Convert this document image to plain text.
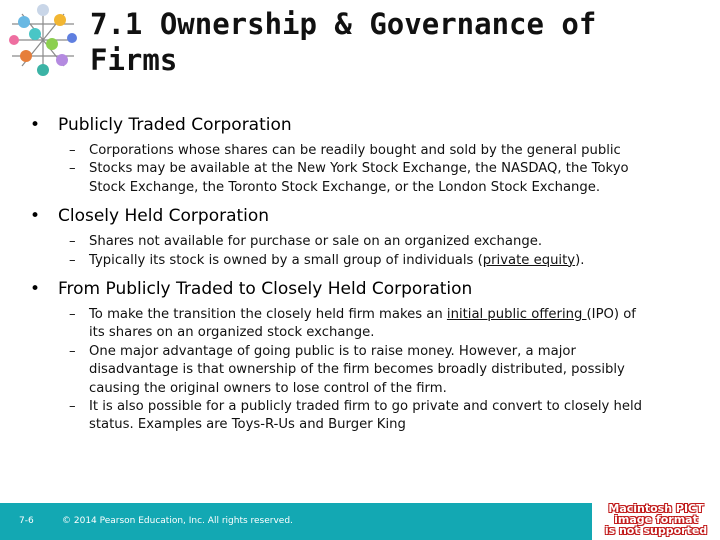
7.1 Ownership & Governance of
Firms
• Publicly Traded Corporation
– Corporations whose shares can be readily bought and sold by the general public
– Stocks may be available at the New York Stock Exchange, the NASDAQ, the Tokyo
Stock Exchange, the Toronto Stock Exchange, or the London Stock Exchange.
• Closely Held Corporation
– Shares not available for purchase or sale on an organized exchange.
– Typically its stock is owned by a small group of individuals (private equity).
• From Publicly Traded to Closely Held Corporation
– To make the transition the closely held firm makes an initial public offering (IPO) of
its shares on an organized stock exchange.
– One major advantage of going public is to raise money. However, a major
disadvantage is that ownership of the firm becomes broadly distributed, possibly
causing the original owners to lose control of the firm.
– It is also possible for a publicly traded firm to go private and convert to closely held
status. Examples are Toys-R-Us and Burger King
7-6	© 2014 Pearson Education, Inc. All rights reserved.
Macintosh PICT
image format
is not supported
